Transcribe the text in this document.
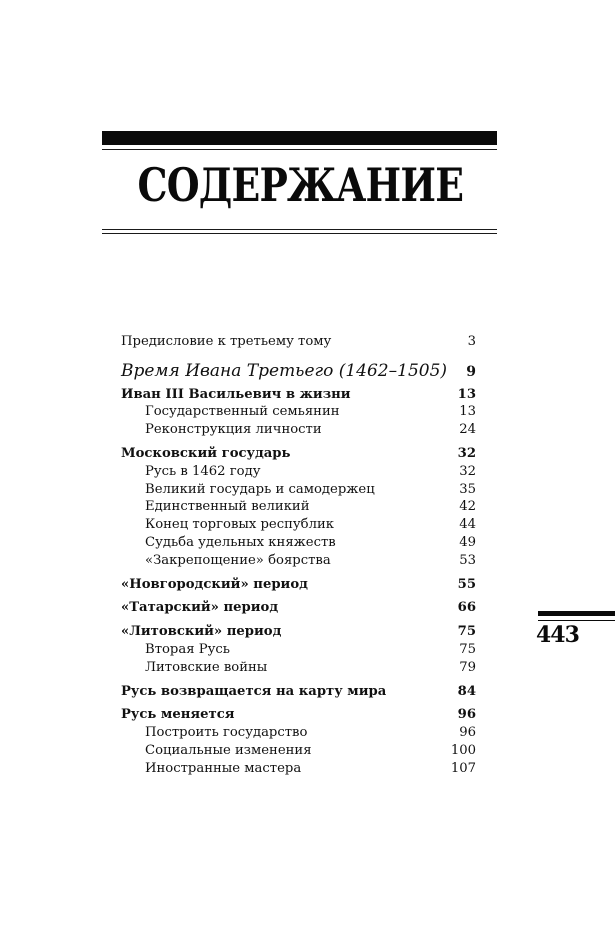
СОДЕРЖАНИЕ
Предисловие к третьему тому	3
Время Ивана Третьего (1462–1505) 9
Иван III Васильевич в жизни	13
Государственный семьянин	13
Реконструкция личности	24
Московский государь	32
Русь в 1462 году	32
Великий государь и самодержец	35
Единственный великий	42
Конец торговых республик	44
Судьба удельных княжеств	49
«Закрепощение» боярства	53
«Новгородский» период	55
«Татарский» период	66
«Литовский» период	75
Вторая Русь	75
Литовские войны	79
Русь возвращается на карту мира	84
Русь меняется	96
Построить государство	96
Социальные изменения	100
Иностранные мастера	107
443
